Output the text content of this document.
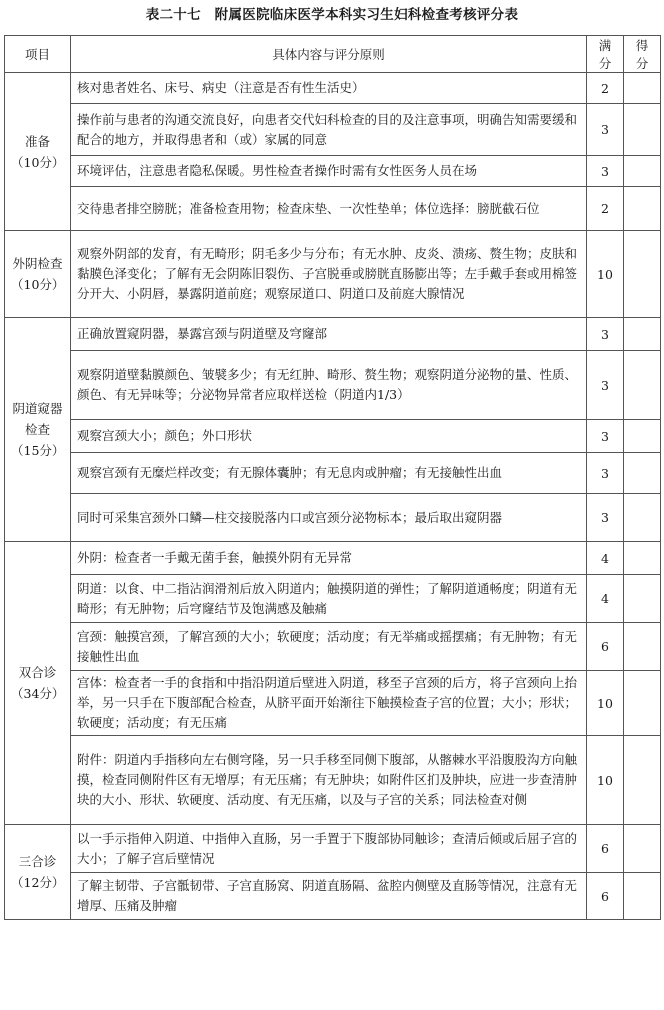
表二十七　附属医院临床医学本科实习生妇科检查考核评分表
项目	具体内容与评分原则	满分	得分

准备
（10分）	核对患者姓名、床号、病史（注意是否有性生活史）	2	
	操作前与患者的沟通交流良好，向患者交代妇科检查的目的及注意事项，明确告知需要缓和配合的地方，并取得患者和（或）家属的同意	3	
	环境评估，注意患者隐私保暖。男性检查者操作时需有女性医务人员在场	3	
	交待患者排空膀胱；准备检查用物；检查床垫、一次性垫单；体位选择：膀胱截石位	2	

外阴检查
（10分）	观察外阴部的发育，有无畸形；阴毛多少与分布；有无水肿、皮炎、溃疡、赘生物；皮肤和黏膜色泽变化；了解有无会阴陈旧裂伤、子宫脱垂或膀胱直肠膨出等；左手戴手套或用棉签分开大、小阴唇，暴露阴道前庭；观察尿道口、阴道口及前庭大腺情况	10	

阴道窥器检查
（15分）	正确放置窥阴器，暴露宫颈与阴道壁及穹窿部	3	
	观察阴道壁黏膜颜色、皱襞多少；有无红肿、畸形、赘生物；观察阴道分泌物的量、性质、颜色、有无异味等；分泌物异常者应取样送检（阴道内1/3）	3	
	观察宫颈大小；颜色；外口形状	3	
	观察宫颈有无糜烂样改变；有无腺体囊肿；有无息肉或肿瘤；有无接触性出血	3	
	同时可采集宫颈外口鳞—柱交接脱落内口或宫颈分泌物标本；最后取出窥阴器	3	

双合诊
（34分）	外阴：检查者一手戴无菌手套，触摸外阴有无异常	4	
	阴道：以食、中二指沾润滑剂后放入阴道内；触摸阴道的弹性；了解阴道通畅度；阴道有无畸形；有无肿物；后穹窿结节及饱满感及触痛	4	
	宫颈：触摸宫颈，了解宫颈的大小；软硬度；活动度；有无举痛或摇摆痛；有无肿物；有无接触性出血	6	
	宫体：检查者一手的食指和中指沿阴道后壁进入阴道，移至子宫颈的后方，将子宫颈向上抬举，另一只手在下腹部配合检查，从脐平面开始渐往下触摸检查子宫的位置；大小；形状；软硬度；活动度；有无压痛	10	
	附件：阴道内手指移向左右侧穹隆，另一只手移至同侧下腹部，从髂棘水平沿腹股沟方向触摸，检查同侧附件区有无增厚；有无压痛；有无肿块；如附件区扪及肿块，应进一步查清肿块的大小、形状、软硬度、活动度、有无压痛，以及与子宫的关系；同法检查对侧	10	

三合诊
（12分）	以一手示指伸入阴道、中指伸入直肠，另一手置于下腹部协同触诊；查清后倾或后屈子宫的大小；了解子宫后壁情况	6	
	了解主韧带、子宫骶韧带、子宫直肠窝、阴道直肠隔、盆腔内侧壁及直肠等情况，注意有无增厚、压痛及肿瘤	6	
